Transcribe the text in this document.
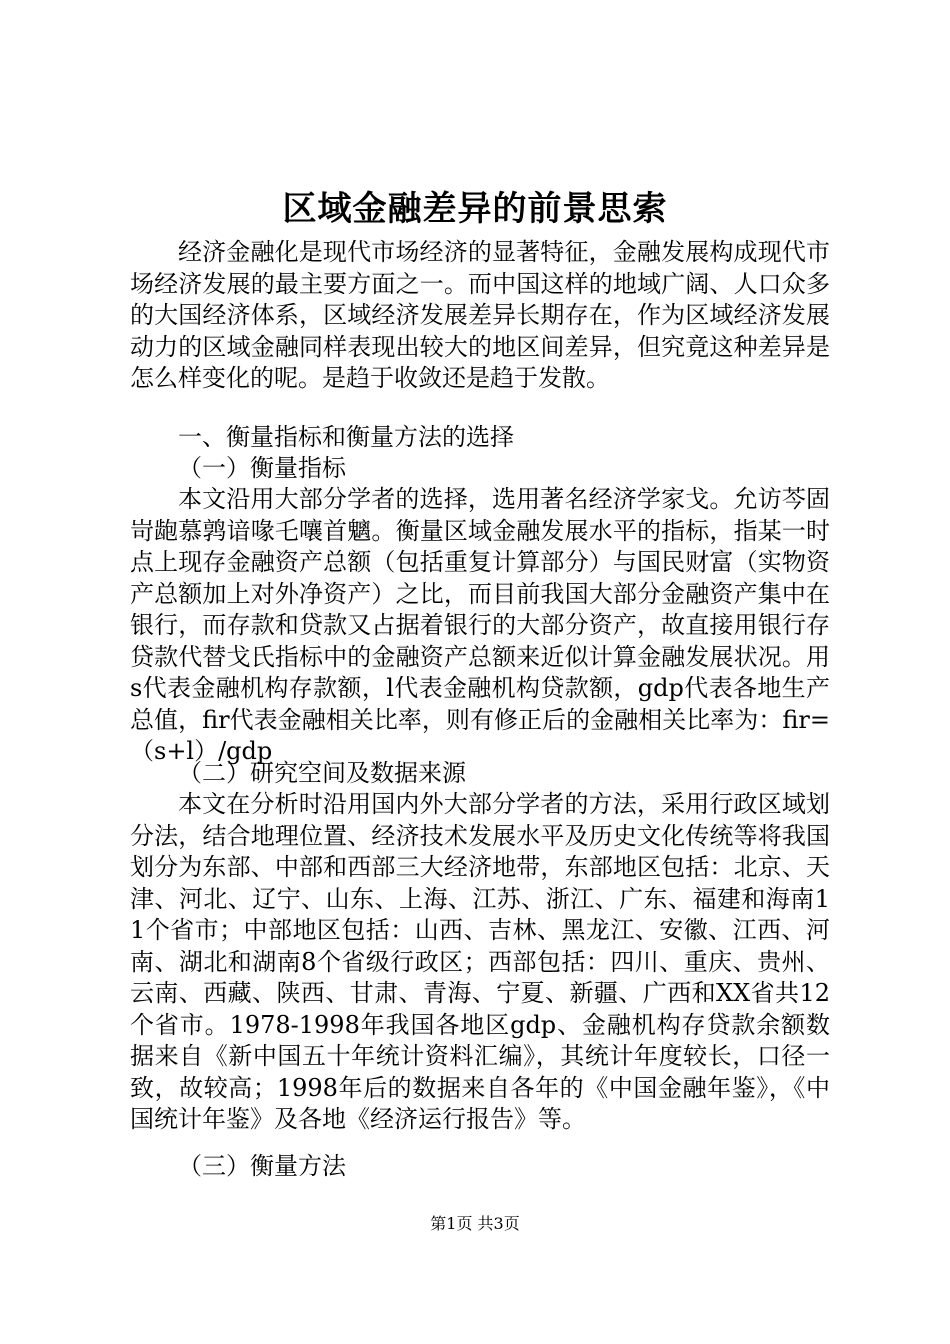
区域金融差异的前景思索

经济金融化是现代市场经济的显著特征，金融发展构成现代市场经济发展的最主要方面之一。而中国这样的地域广阔、人口众多的大国经济体系，区域经济发展差异长期存在，作为区域经济发展动力的区域金融同样表现出较大的地区间差异，但究竟这种差异是怎么样变化的呢。是趋于收敛还是趋于发散。

一、衡量指标和衡量方法的选择

（一）衡量指标

本文沿用大部分学者的选择，选用著名经济学家戈。允访芩固岢龅慕鹑谙喙乇嚷首魑。衡量区域金融发展水平的指标，指某一时点上现存金融资产总额（包括重复计算部分）与国民财富（实物资产总额加上对外净资产）之比，而目前我国大部分金融资产集中在银行，而存款和贷款又占据着银行的大部分资产，故直接用银行存贷款代替戈氏指标中的金融资产总额来近似计算金融发展状况。用s代表金融机构存款额，l代表金融机构贷款额，gdp代表各地生产总值，fir代表金融相关比率，则有修正后的金融相关比率为：fir=（s+l）/gdp

（二）研究空间及数据来源

本文在分析时沿用国内外大部分学者的方法，采用行政区域划分法，结合地理位置、经济技术发展水平及历史文化传统等将我国划分为东部、中部和西部三大经济地带，东部地区包括：北京、天津、河北、辽宁、山东、上海、江苏、浙江、广东、福建和海南11个省市；中部地区包括：山西、吉林、黑龙江、安徽、江西、河南、湖北和湖南8个省级行政区；西部包括：四川、重庆、贵州、云南、西藏、陕西、甘肃、青海、宁夏、新疆、广西和XX省共12个省市。1978-1998年我国各地区gdp、金融机构存贷款余额数据来自《新中国五十年统计资料汇编》，其统计年度较长，口径一致，故较高；1998年后的数据来自各年的《中国金融年鉴》，《中国统计年鉴》及各地《经济运行报告》等。

（三）衡量方法

第1页 共3页
